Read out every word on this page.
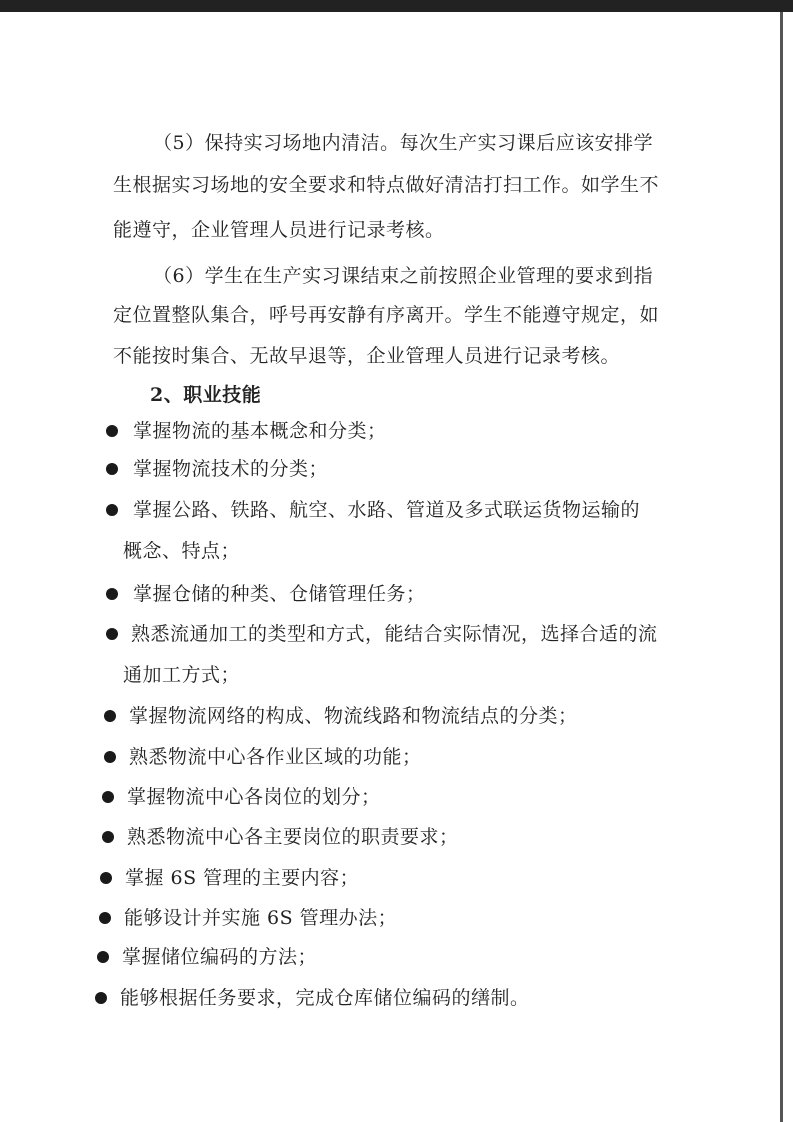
（5）保持实习场地内清洁。每次生产实习课后应该安排学
生根据实习场地的安全要求和特点做好清洁打扫工作。如学生不
能遵守，企业管理人员进行记录考核。
（6）学生在生产实习课结束之前按照企业管理的要求到指
定位置整队集合，呼号再安静有序离开。学生不能遵守规定，如
不能按时集合、无故早退等，企业管理人员进行记录考核。
2、职业技能
掌握物流的基本概念和分类；
掌握物流技术的分类；
掌握公路、铁路、航空、水路、管道及多式联运货物运输的
概念、特点；
掌握仓储的种类、仓储管理任务；
熟悉流通加工的类型和方式，能结合实际情况，选择合适的流
通加工方式；
掌握物流网络的构成、物流线路和物流结点的分类；
熟悉物流中心各作业区域的功能；
掌握物流中心各岗位的划分；
熟悉物流中心各主要岗位的职责要求；
掌握 6S 管理的主要内容；
能够设计并实施 6S 管理办法；
掌握储位编码的方法；
能够根据任务要求，完成仓库储位编码的缮制。
